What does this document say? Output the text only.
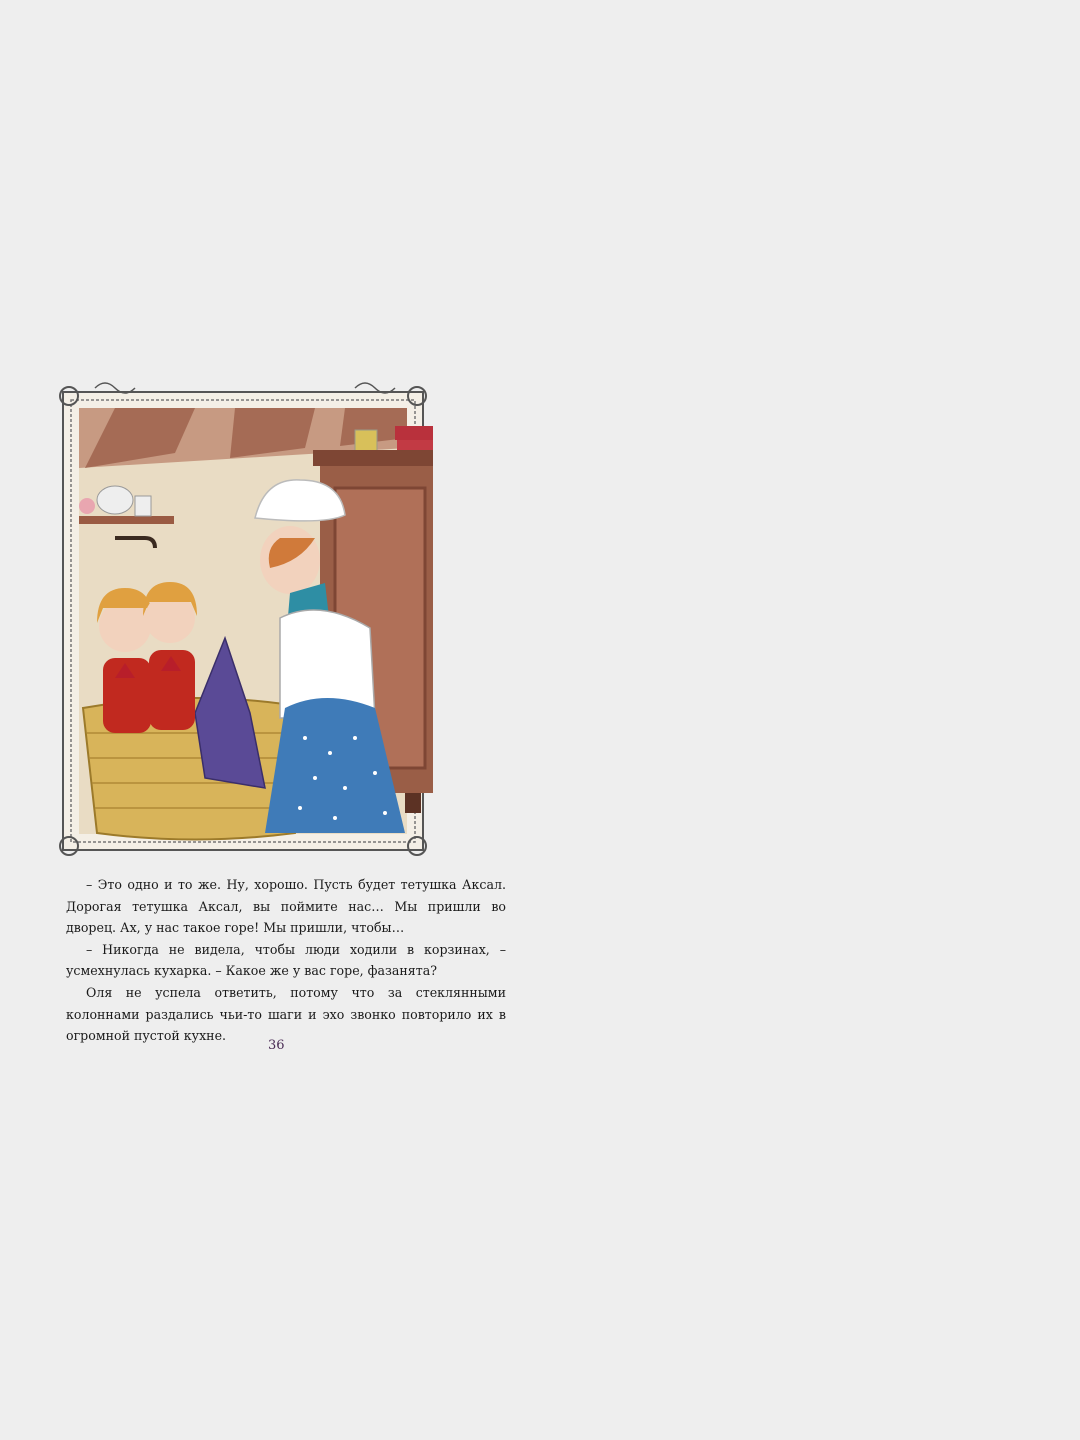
– Это одно и то же. Ну, хорошо. Пусть будет тетушка Аксал. Дорогая тетушка Аксал, вы поймите нас… Мы пришли во дворец. Ах, у нас такое горе! Мы пришли, чтобы…

– Никогда не видела, чтобы люди ходили в корзинах, – усмехнулась кухарка. – Какое же у вас горе, фазанята?

Оля не успела ответить, потому что за стеклянными колоннами раздались чьи-то шаги и эхо звонко повторило их в огромной пустой кухне.

36
